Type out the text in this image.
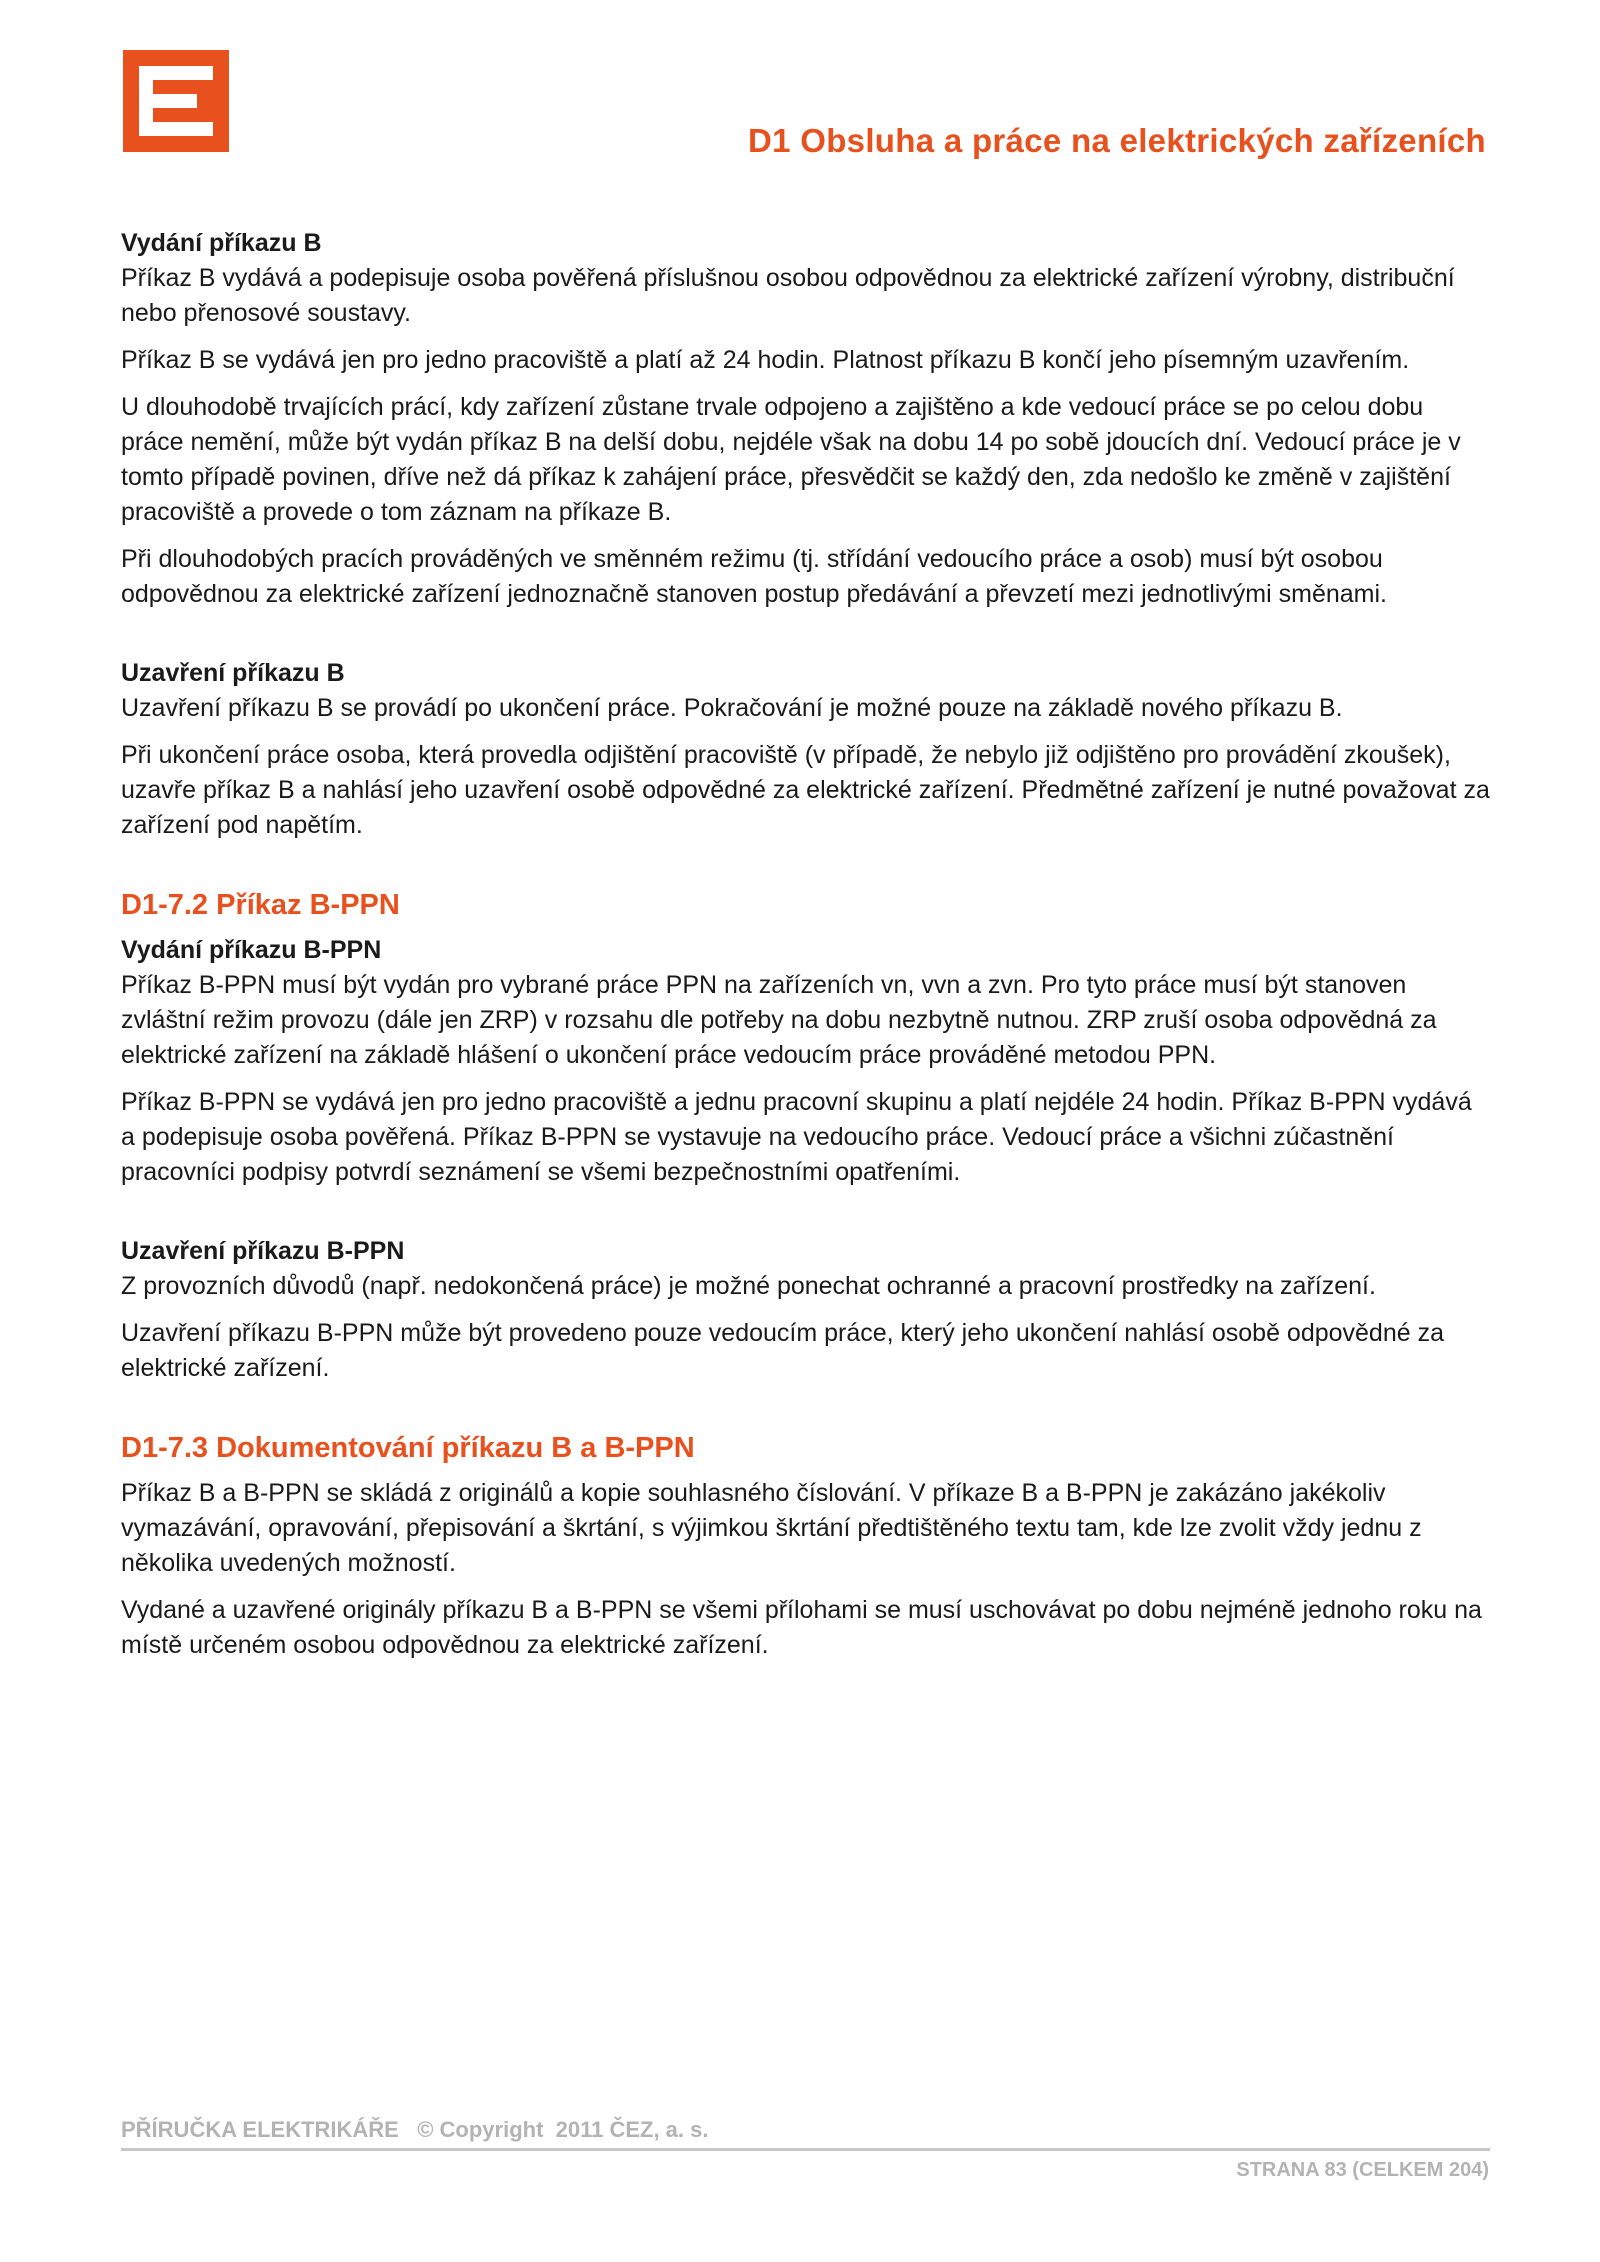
D1 Obsluha a práce na elektrických zařízeních
Vydání příkazu B

Příkaz B vydává a podepisuje osoba pověřená příslušnou osobou odpovědnou za elektrické zařízení výrobny, distribuční nebo přenosové soustavy.

Příkaz B se vydává jen pro jedno pracoviště a platí až 24 hodin. Platnost příkazu B končí jeho písemným uzavřením.

U dlouhodobě trvajících prácí, kdy zařízení zůstane trvale odpojeno a zajištěno a kde vedoucí práce se po celou dobu práce nemění, může být vydán příkaz B na delší dobu, nejdéle však na dobu 14 po sobě jdoucích dní. Vedoucí práce je v tomto případě povinen, dříve než dá příkaz k zahájení práce, přesvědčit se každý den, zda nedošlo ke změně v zajištění pracoviště a provede o tom záznam na příkaze B.

Při dlouhodobých pracích prováděných ve směnném režimu (tj. střídání vedoucího práce a osob) musí být osobou odpovědnou za elektrické zařízení jednoznačně stanoven postup předávání a převzetí mezi jednotlivými směnami.

Uzavření příkazu B

Uzavření příkazu B se provádí po ukončení práce. Pokračování je možné pouze na základě nového příkazu B.

Při ukončení práce osoba, která provedla odjištění pracoviště (v případě, že nebylo již odjištěno pro provádění zkoušek), uzavře příkaz B a nahlásí jeho uzavření osobě odpovědné za elektrické zařízení. Předmětné zařízení je nutné považovat za zařízení pod napětím.

D1-7.2 Příkaz B-PPN
Vydání příkazu B-PPN

Příkaz B-PPN musí být vydán pro vybrané práce PPN na zařízeních vn, vvn a zvn. Pro tyto práce musí být stanoven zvláštní režim provozu (dále jen ZRP) v rozsahu dle potřeby na dobu nezbytně nutnou. ZRP zruší osoba odpovědná za elektrické zařízení na základě hlášení o ukončení práce vedoucím práce prováděné metodou PPN.

Příkaz B-PPN se vydává jen pro jedno pracoviště a jednu pracovní skupinu a platí nejdéle 24 hodin. Příkaz B-PPN vydává a podepisuje osoba pověřená. Příkaz B-PPN se vystavuje na vedoucího práce. Vedoucí práce a všichni zúčastnění pracovníci podpisy potvrdí seznámení se všemi bezpečnostními opatřeními.

Uzavření příkazu B-PPN

Z provozních důvodů (např. nedokončená práce) je možné ponechat ochranné a pracovní prostředky na zařízení.

Uzavření příkazu B-PPN může být provedeno pouze vedoucím práce, který jeho ukončení nahlásí osobě odpovědné za elektrické zařízení.

D1-7.3 Dokumentování příkazu B a B-PPN

Příkaz B a B-PPN se skládá z originálů a kopie souhlasného číslování. V příkaze B a B-PPN je zakázáno jakékoliv vymazávání, opravování, přepisování a škrtání, s výjimkou škrtání předtištěného textu tam, kde lze zvolit vždy jednu z několika uvedených možností.

Vydané a uzavřené originály příkazu B a B-PPN se všemi přílohami se musí uschovávat po dobu nejméně jednoho roku na místě určeném osobou odpovědnou za elektrické zařízení.

PŘÍRUČKA ELEKTRIKÁŘE   © Copyright  2011 ČEZ, a. s.

STRANA 83 (CELKEM 204)
